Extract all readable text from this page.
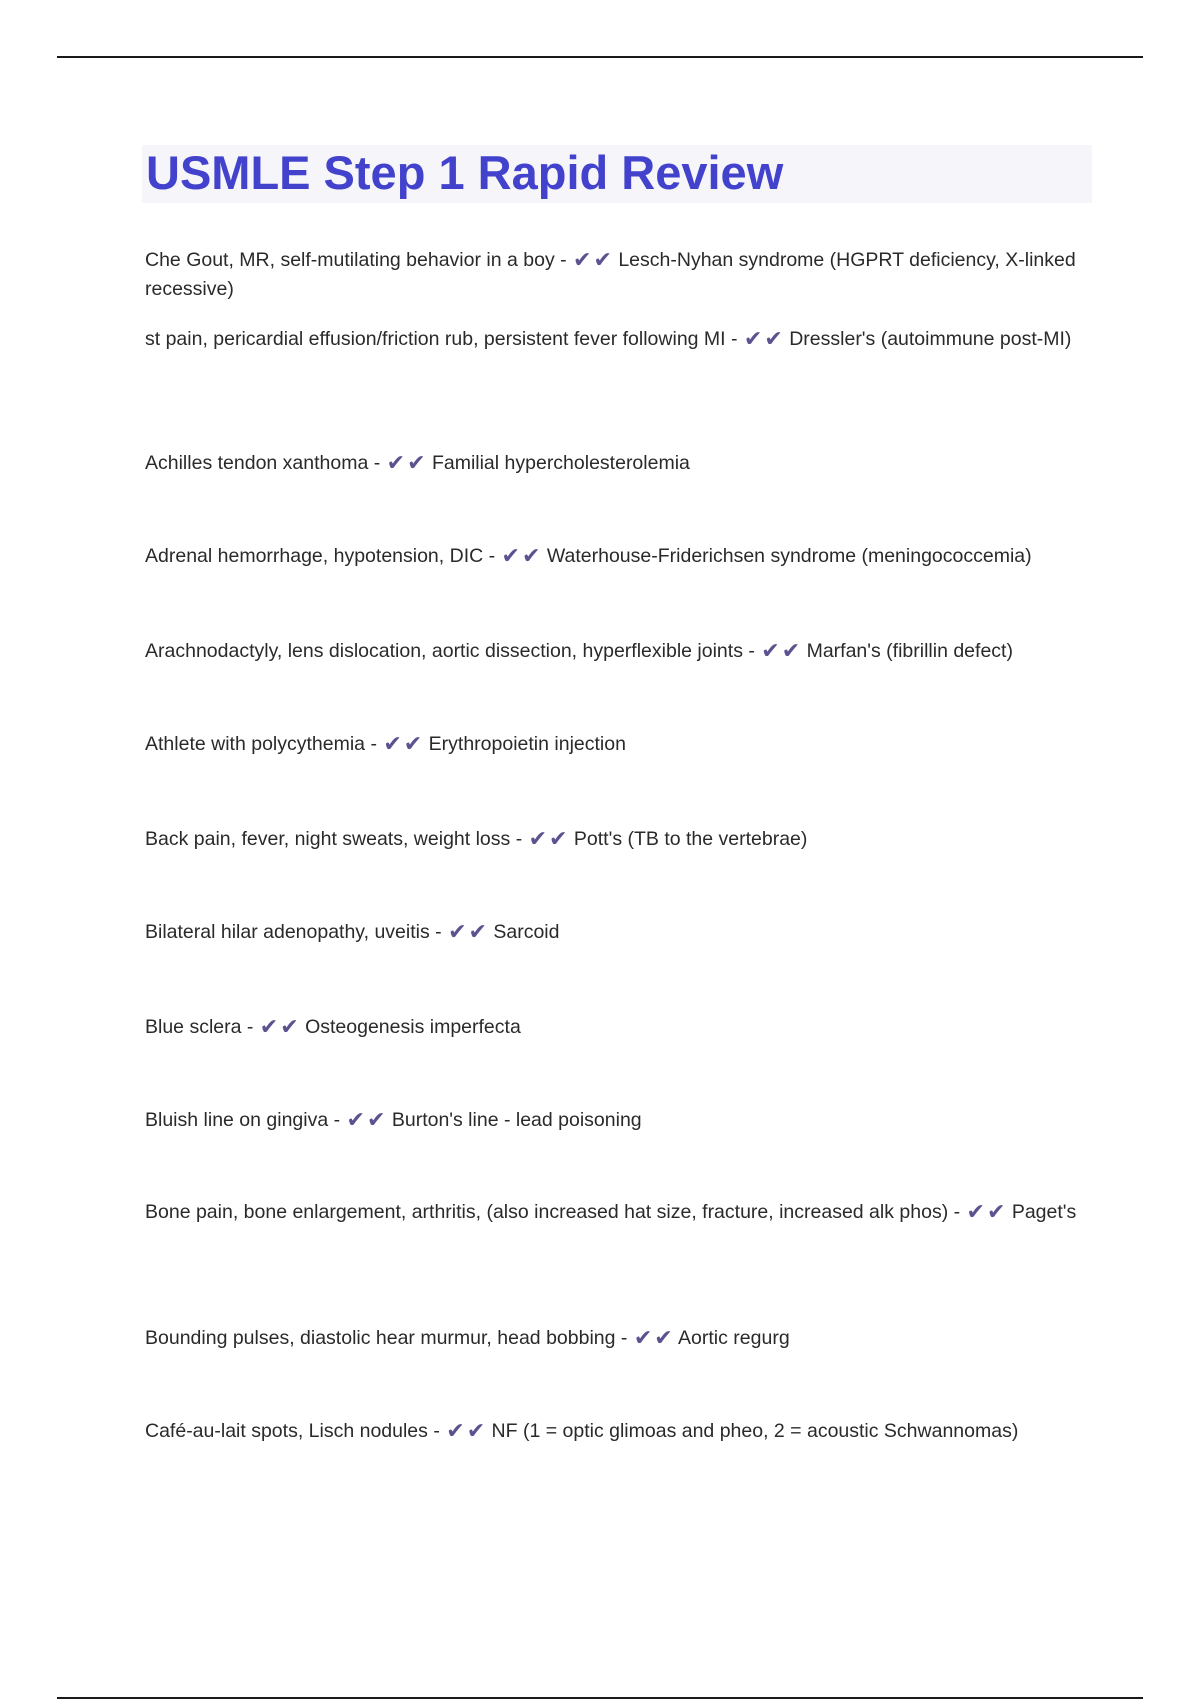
USMLE Step 1 Rapid Review
Che Gout, MR, self-mutilating behavior in a boy - ✔✔ Lesch-Nyhan syndrome (HGPRT deficiency, X-linked recessive)
st pain, pericardial effusion/friction rub, persistent fever following MI - ✔✔ Dressler's (autoimmune post-MI)
Achilles tendon xanthoma - ✔✔ Familial hypercholesterolemia
Adrenal hemorrhage, hypotension, DIC - ✔✔ Waterhouse-Friderichsen syndrome (meningococcemia)
Arachnodactyly, lens dislocation, aortic dissection, hyperflexible joints - ✔✔ Marfan's (fibrillin defect)
Athlete with polycythemia - ✔✔ Erythropoietin injection
Back pain, fever, night sweats, weight loss - ✔✔ Pott's (TB to the vertebrae)
Bilateral hilar adenopathy, uveitis - ✔✔ Sarcoid
Blue sclera - ✔✔ Osteogenesis imperfecta
Bluish line on gingiva - ✔✔ Burton's line - lead poisoning
Bone pain, bone enlargement, arthritis, (also increased hat size, fracture, increased alk phos) - ✔✔ Paget's
Bounding pulses, diastolic hear murmur, head bobbing - ✔✔ Aortic regurg
Café-au-lait spots, Lisch nodules - ✔✔ NF (1 = optic glimoas and pheo, 2 = acoustic Schwannomas)
